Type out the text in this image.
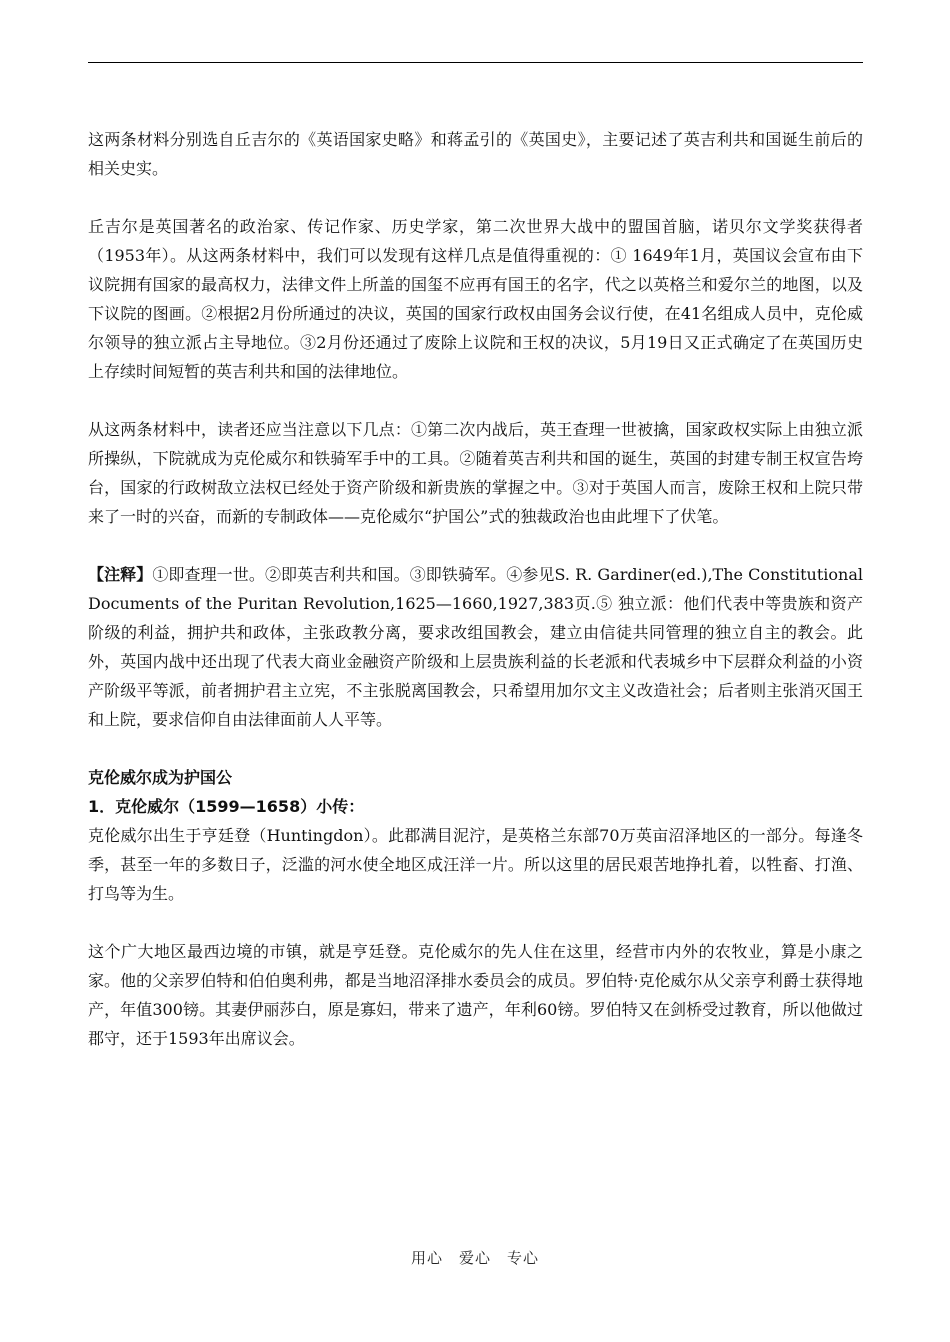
这两条材料分别选自丘吉尔的《英语国家史略》和蒋孟引的《英国史》，主要记述了英吉利共和国诞生前后的相关史实。

丘吉尔是英国著名的政治家、传记作家、历史学家，第二次世界大战中的盟国首脑，诺贝尔文学奖获得者（1953年）。从这两条材料中，我们可以发现有这样几点是值得重视的：① 1649年1月，英国议会宣布由下议院拥有国家的最高权力，法律文件上所盖的国玺不应再有国王的名字，代之以英格兰和爱尔兰的地图，以及下议院的图画。②根据2月份所通过的决议，英国的国家行政权由国务会议行使，在41名组成人员中，克伦威尔领导的独立派占主导地位。③2月份还通过了废除上议院和王权的决议，5月19日又正式确定了在英国历史上存续时间短暂的英吉利共和国的法律地位。

从这两条材料中，读者还应当注意以下几点：①第二次内战后，英王查理一世被擒，国家政权实际上由独立派所操纵，下院就成为克伦威尔和铁骑军手中的工具。②随着英吉利共和国的诞生，英国的封建专制王权宣告垮台，国家的行政树敌立法权已经处于资产阶级和新贵族的掌握之中。③对于英国人而言，废除王权和上院只带来了一时的兴奋，而新的专制政体——克伦威尔“护国公”式的独裁政治也由此埋下了伏笔。

【注释】①即查理一世。②即英吉利共和国。③即铁骑军。④参见S. R. Gardiner(ed.),The Constitutional Documents of the Puritan Revolution,1625—1660,1927,383页.⑤ 独立派：他们代表中等贵族和资产阶级的利益，拥护共和政体，主张政教分离，要求改组国教会，建立由信徒共同管理的独立自主的教会。此外，英国内战中还出现了代表大商业金融资产阶级和上层贵族利益的长老派和代表城乡中下层群众利益的小资产阶级平等派，前者拥护君主立宪，不主张脱离国教会，只希望用加尔文主义改造社会；后者则主张消灭国王和上院，要求信仰自由法律面前人人平等。

克伦威尔成为护国公

1．克伦威尔（1599—1658）小传：

克伦威尔出生于亨廷登（Huntingdon）。此郡满目泥泞，是英格兰东部70万英亩沼泽地区的一部分。每逢冬季，甚至一年的多数日子，泛滥的河水使全地区成汪洋一片。所以这里的居民艰苦地挣扎着，以牲畜、打渔、打鸟等为生。

这个广大地区最西边境的市镇，就是亨廷登。克伦威尔的先人住在这里，经营市内外的农牧业，算是小康之家。他的父亲罗伯特和伯伯奥利弗，都是当地沼泽排水委员会的成员。罗伯特·克伦威尔从父亲亨利爵士获得地产，年值300镑。其妻伊丽莎白，原是寡妇，带来了遗产，年利60镑。罗伯特又在剑桥受过教育，所以他做过郡守，还于1593年出席议会。

用心　爱心　专心
